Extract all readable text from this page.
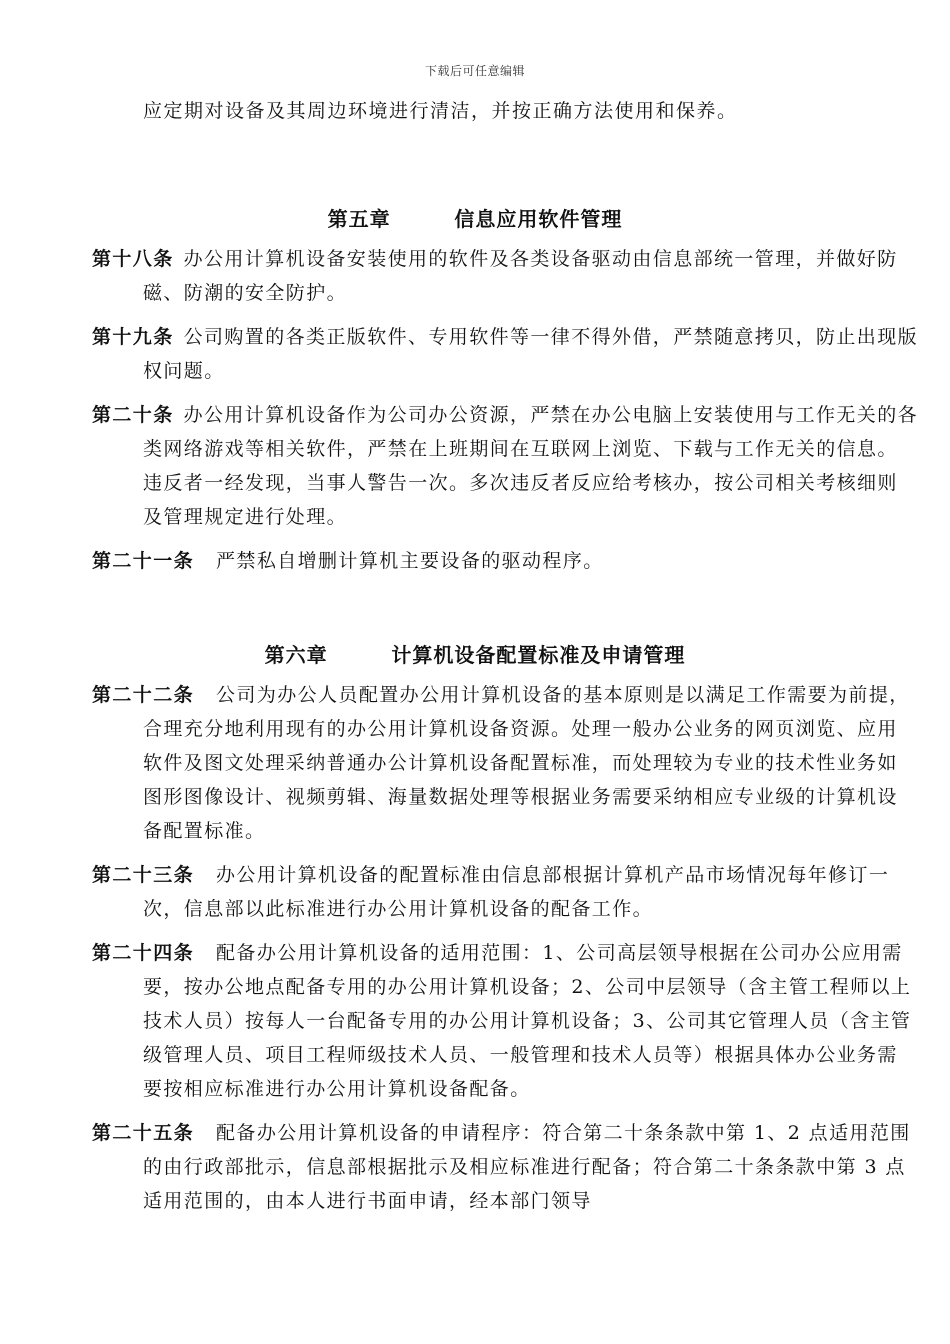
下载后可任意编辑

应定期对设备及其周边环境进行清洁，并按正确方法使用和保养。

第五章        信息应用软件管理
第十八条 办公用计算机设备安装使用的软件及各类设备驱动由信息部统一管理，并做好防磁、防潮的安全防护。
第十九条 公司购置的各类正版软件、专用软件等一律不得外借，严禁随意拷贝，防止出现版权问题。
第二十条 办公用计算机设备作为公司办公资源，严禁在办公电脑上安装使用与工作无关的各类网络游戏等相关软件，严禁在上班期间在互联网上浏览、下载与工作无关的信息。违反者一经发现，当事人警告一次。多次违反者反应给考核办，按公司相关考核细则及管理规定进行处理。
第二十一条 严禁私自增删计算机主要设备的驱动程序。
第六章        计算机设备配置标准及申请管理
第二十二条 公司为办公人员配置办公用计算机设备的基本原则是以满足工作需要为前提，合理充分地利用现有的办公用计算机设备资源。处理一般办公业务的网页浏览、应用软件及图文处理采纳普通办公计算机设备配置标准，而处理较为专业的技术性业务如图形图像设计、视频剪辑、海量数据处理等根据业务需要采纳相应专业级的计算机设备配置标准。
第二十三条 办公用计算机设备的配置标准由信息部根据计算机产品市场情况每年修订一次，信息部以此标准进行办公用计算机设备的配备工作。
第二十四条 配备办公用计算机设备的适用范围：1、公司高层领导根据在公司办公应用需要，按办公地点配备专用的办公用计算机设备；2、公司中层领导（含主管工程师以上技术人员）按每人一台配备专用的办公用计算机设备；3、公司其它管理人员（含主管级管理人员、项目工程师级技术人员、一般管理和技术人员等）根据具体办公业务需要按相应标准进行办公用计算机设备配备。
第二十五条 配备办公用计算机设备的申请程序：符合第二十条条款中第 1、2 点适用范围的由行政部批示，信息部根据批示及相应标准进行配备；符合第二十条条款中第 3 点适用范围的，由本人进行书面申请，经本部门领导
